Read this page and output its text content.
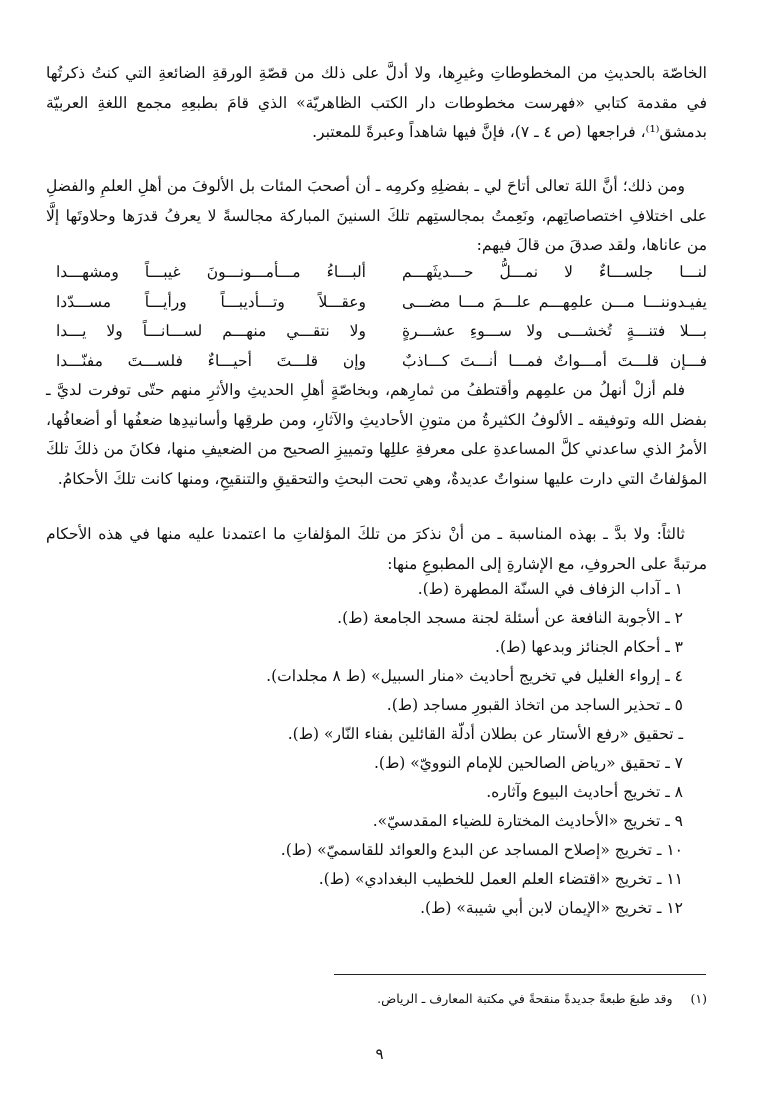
الخاصّة بالحديثِ من المخطوطاتِ وغيرِها، ولا أدلَّ على ذلك من قصّةِ الورقةِ الضائعةِ التي كنتُ ذكرتُها في مقدمة كتابي «فهرست مخطوطات دار الكتب الظاهريّة» الذي قامَ بطبعِهِ مجمع اللغةِ العربيّة بدمشق⁽¹⁾، فراجعها (ص ٤ ـ ٧)، فإنَّ فيها شاهداً وعبرةً للمعتبر.

ومن ذلك؛ أنَّ اللهَ تعالى أتاحَ لي ـ بفضلِهِ وكرمِه ـ أن أصحبَ المئات بل الألوفَ من أهلِ العلمِ والفضلِ على اختلافِ اختصاصاتِهم، ونَعِمتُ بمجالستِهم تلكَ السنينَ المباركة مجالسةً لا يعرفُ قدرَها وحلاوتَها إلَّا من عاناها، ولقد صدقَ من قالَ فيهم:

لنـــا جلســـاءٌ لا نمـــلُّ حـــديثَهـــم
ألبـــاءُ مـــأمـــونـــونَ غيبـــاً ومشهـــدا
يفيـدوننـــا مـــن علمِهـــم علـــمَ مـــا مضـــى
وعقـــلاً وتـــأديبـــاً ورأيـــاً مســـدّدا
بـــلا فتنـــةٍ تُخشـــى ولا ســـوءِ عشـــرةٍ
ولا نتقـــي منهـــم لســـانـــاً ولا يـــدا
فـــإن قلـــتَ أمـــواتٌ فمـــا أنـــتَ كـــاذبٌ
وإن قلـــتَ أحيـــاءٌ فلســـتَ مفنّـــدا

فلم أزلْ أنهلُ من علمِهم وأقتطفُ من ثمارِهم، وبخاصّةٍ أهلِ الحديثِ والأثرِ منهم حتّى توفرت لديَّ ـ بفضل الله وتوفيقه ـ الألوفُ الكثيرةُ من متونِ الأحاديثِ والآثارِ، ومن طرقِها وأسانيدِها ضعفُها أو أضعافُها، الأمرُ الذي ساعدني كلَّ المساعدةِ على معرفةِ عللِها وتمييزِ الصحيح من الضعيفِ منها، فكانَ من ذلكَ تلكَ المؤلفاتُ التي دارت عليها سنواتٌ عديدةٌ، وهي تحت البحثِ والتحقيقِ والتنقيحِ، ومنها كانت تلكَ الأحكامُ.

ثالثاً: ولا بدَّ ـ بهذه المناسبة ـ من أنْ نذكرَ من تلكَ المؤلفاتِ ما اعتمدنا عليه منها في هذه الأحكام مرتبةً على الحروفِ، مع الإشارةِ إلى المطبوعِ منها:

١ ـ آداب الزفاف في السنّة المطهرة (ط).
٢ ـ الأجوبة النافعة عن أسئلة لجنة مسجد الجامعة (ط).
٣ ـ أحكام الجنائز وبدعها (ط).
٤ ـ إرواء الغليل في تخريج أحاديث «منار السبيل» (ط ٨ مجلدات).
٥ ـ تحذير الساجد من اتخاذ القبورِ مساجد (ط).
ـ تحقيق «رفع الأستار عن بطلان أدلّة القائلين بفناء النّار» (ط).
٧ ـ تحقيق «رياض الصالحين للإمام النوويّ» (ط).
٨ ـ تخريج أحاديث البيوع وآثاره.
٩ ـ تخريج «الأحاديث المختارة للضياء المقدسيّ».
١٠ ـ تخريج «إصلاح المساجد عن البدع والعوائد للقاسميّ» (ط).
١١ ـ تخريج «اقتضاء العلم العمل للخطيب البغدادي» (ط).
١٢ ـ تخريج «الإيمان لابن أبي شيبة» (ط).
(١) وقد طبعَ طبعةً جديدةً منقحةً في مكتبة المعارف ـ الرياض.
٩
